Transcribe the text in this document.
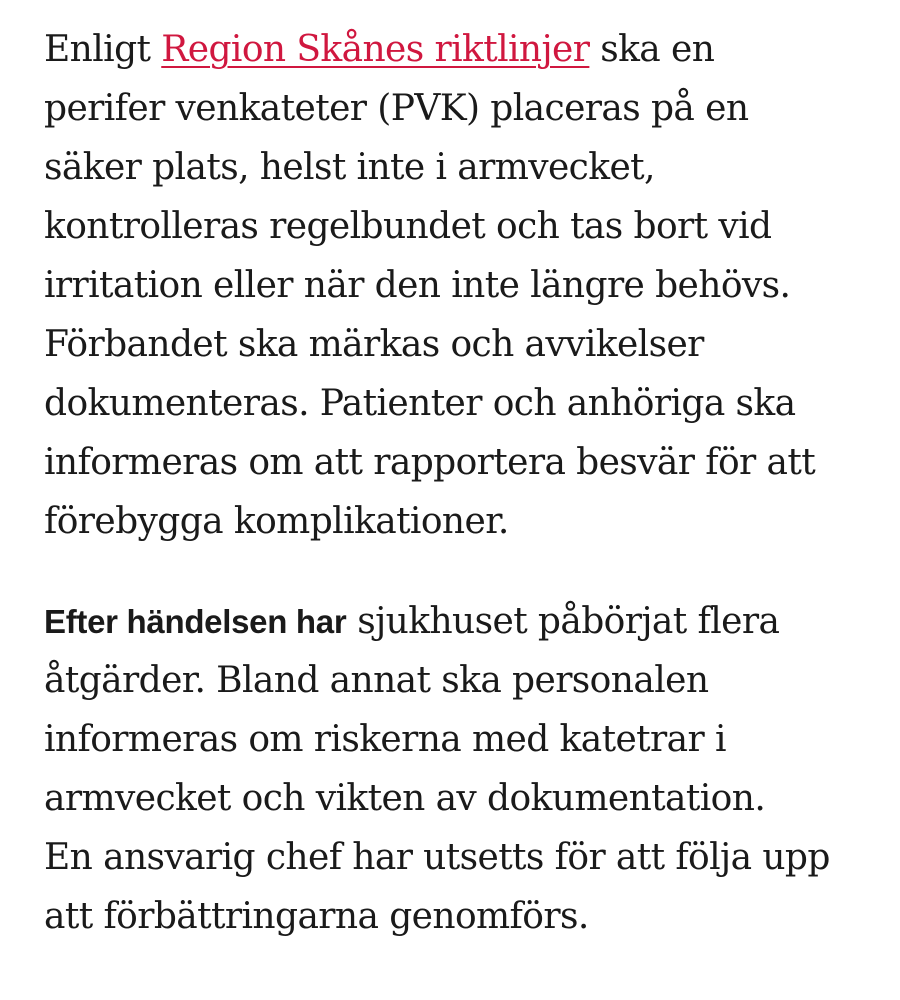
Enligt Region Skånes riktlinjer ska en
perifer venkateter (PVK) placeras på en
säker plats, helst inte i armvecket,
kontrolleras regelbundet och tas bort vid
irritation eller när den inte längre behövs.
Förbandet ska märkas och avvikelser
dokumenteras. Patienter och anhöriga ska
informeras om att rapportera besvär för att
förebygga komplikationer.

Efter händelsen har sjukhuset påbörjat flera
åtgärder. Bland annat ska personalen
informeras om riskerna med katetrar i
armvecket och vikten av dokumentation.
En ansvarig chef har utsetts för att följa upp
att förbättringarna genomförs.
